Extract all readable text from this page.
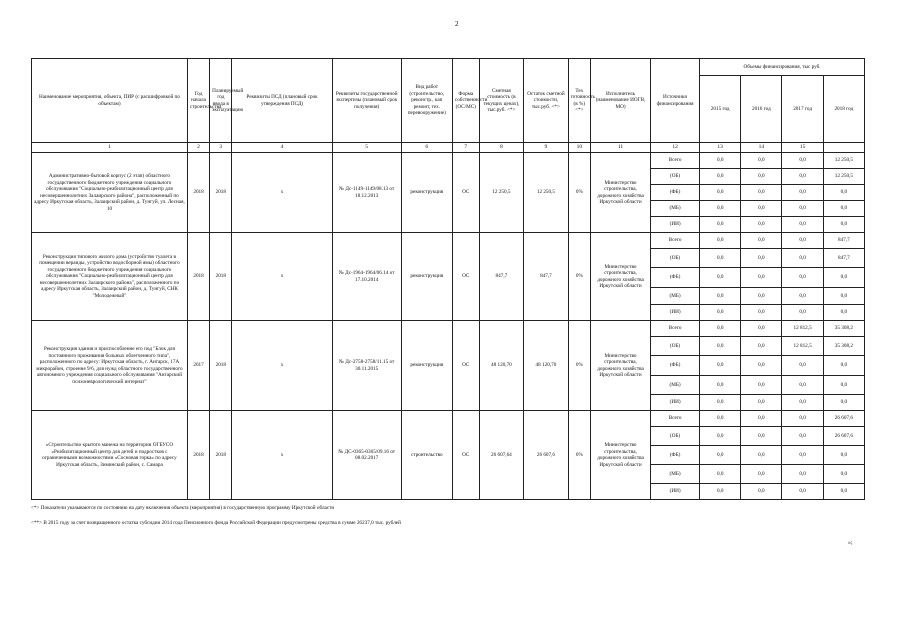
2
Наименование мероприятия, объекта, ПИР (с расшифровкой по объектам)	Год начала строительства	Планируемый год ввода в эксплуатацию	Реквизиты ПСД (плановый срок утверждения ПСД)	Реквизиты государственной экспертизы (плановый срок получения)	Вид работ (строительство, реконстр., кап ремонт, тех. перевооружение)	Форма собственности (ОС/МС)	Сметная стоимость (в текущих ценах), тыс.руб. <*>	Остаток сметной стоимости, тыс.руб. <*>	Тех готовность (в %) <*>	Исполнитель (наименование ИОГВ, МО)	Источники финансирования	Объемы финансирования, тыс руб.			
												2015 год	2016 год	2017 год	2018 год
1	2	3	4	5	6	7	8	9	10	11	12	13	14	15	
Административно-бытовой корпус (2 этап) областного государственного бюджетного учреждения социального обслуживания "Социально-реабилитационный центр для несовершеннолетних Залаирского района", расположенный по адресу Иркутская область, Залаирский район, д. Тунгуй, ул. Лесная, 10	2018	2018	х	№ Дс-1149-1149/08.13 от 18.12.2013	реконструкция	ОС	12 250,5	12 250,5	0%	Министерство строительства, дорожного хозяйства Иркутской области	Всего	0,0	0,0	0,0	12 250,5
											(ОБ)	0,0	0,0	0,0	12 250,5
											(ФБ)	0,0	0,0	0,0	0,0
											(МБ)	0,0	0,0	0,0	0,0
											(ИИ)	0,0	0,0	0,0	0,0
Реконструкция типового жилого дома (устройство туалета в помещении веранды, устройство водосборной ямы) областного государственного бюджетного учреждения социального обслуживания "Социально-реабилитационный центр для несовершеннолетних Залаирского района", расположенного по адресу Иркутская область, Залаирский район, д. Тунгуй, СНК "Молодежный"	2018	2018	х	№ Дс-1964-1964/06.14 от 17.10.2014	реконструкция	ОС	847,7	847,7	0%	Министерство строительства, дорожного хозяйства Иркутской области	Всего	0,0	0,0	0,0	847,7
											(ОБ)	0,0	0,0	0,0	847,7
											(ФБ)	0,0	0,0	0,0	0,0
											(МБ)	0,0	0,0	0,0	0,0
											(ИИ)	0,0	0,0	0,0	0,0
Реконструкция здания и приспособление его под "Блок для постоянного проживания больных облегченного типа", расположенного по адресу: Иркутская область, г. Ангарск, 17А микрорайон, строение 9/6, для нужд областного государственного автономного учреждения социального обслуживания "Ангарский психоневрологический интернат"	2017	2018	х	№ Дс-2758-2758/11.15 от 30.11.2015	реконструкция	ОС	48 120,70	48 120,70	0%	Министерство строительства, дорожного хозяйства Иркутской области	Всего	0,0	0,0	12 812,5	35 308,2
											(ОБ)	0,0	0,0	12 812,5	35 308,2
											(ФБ)	0,0	0,0	0,0	0,0
											(МБ)	0,0	0,0	0,0	0,0
											(ИИ)	0,0	0,0	0,0	0,0
«Строительство крытого манежа на территории ОГБУСО «Реабилитационный центр для детей и подростков с ограниченными возможностями «Сосновая горка» по адресу Иркутская область, Зиминский район, с. Самара	2018	2018	х	№ ДС-0365-0365/09.16 от 08.02.2017	строительство	ОС	26 607,64	26 607,6	0%	Министерство строительства, дорожного хозяйства Иркутской области	Всего	0,0	0,0	0,0	26 607,6
											(ОБ)	0,0	0,0	0,0	26 607,6
											(ФБ)	0,0	0,0	0,0	0,0
											(МБ)	0,0	0,0	0,0	0,0
											(ИИ)	0,0	0,0	0,0	0,0
<*> Показатели указываются по состоянию на дату включения объекта (мероприятия) в государственную программу Иркутской области
<**> В 2015 году за счет возвращенного остатка субсидии 2014 года Пенсионного фонда Российской Федерации предусмотрены средства в сумме 26237,0 тыс. рублей
»;
